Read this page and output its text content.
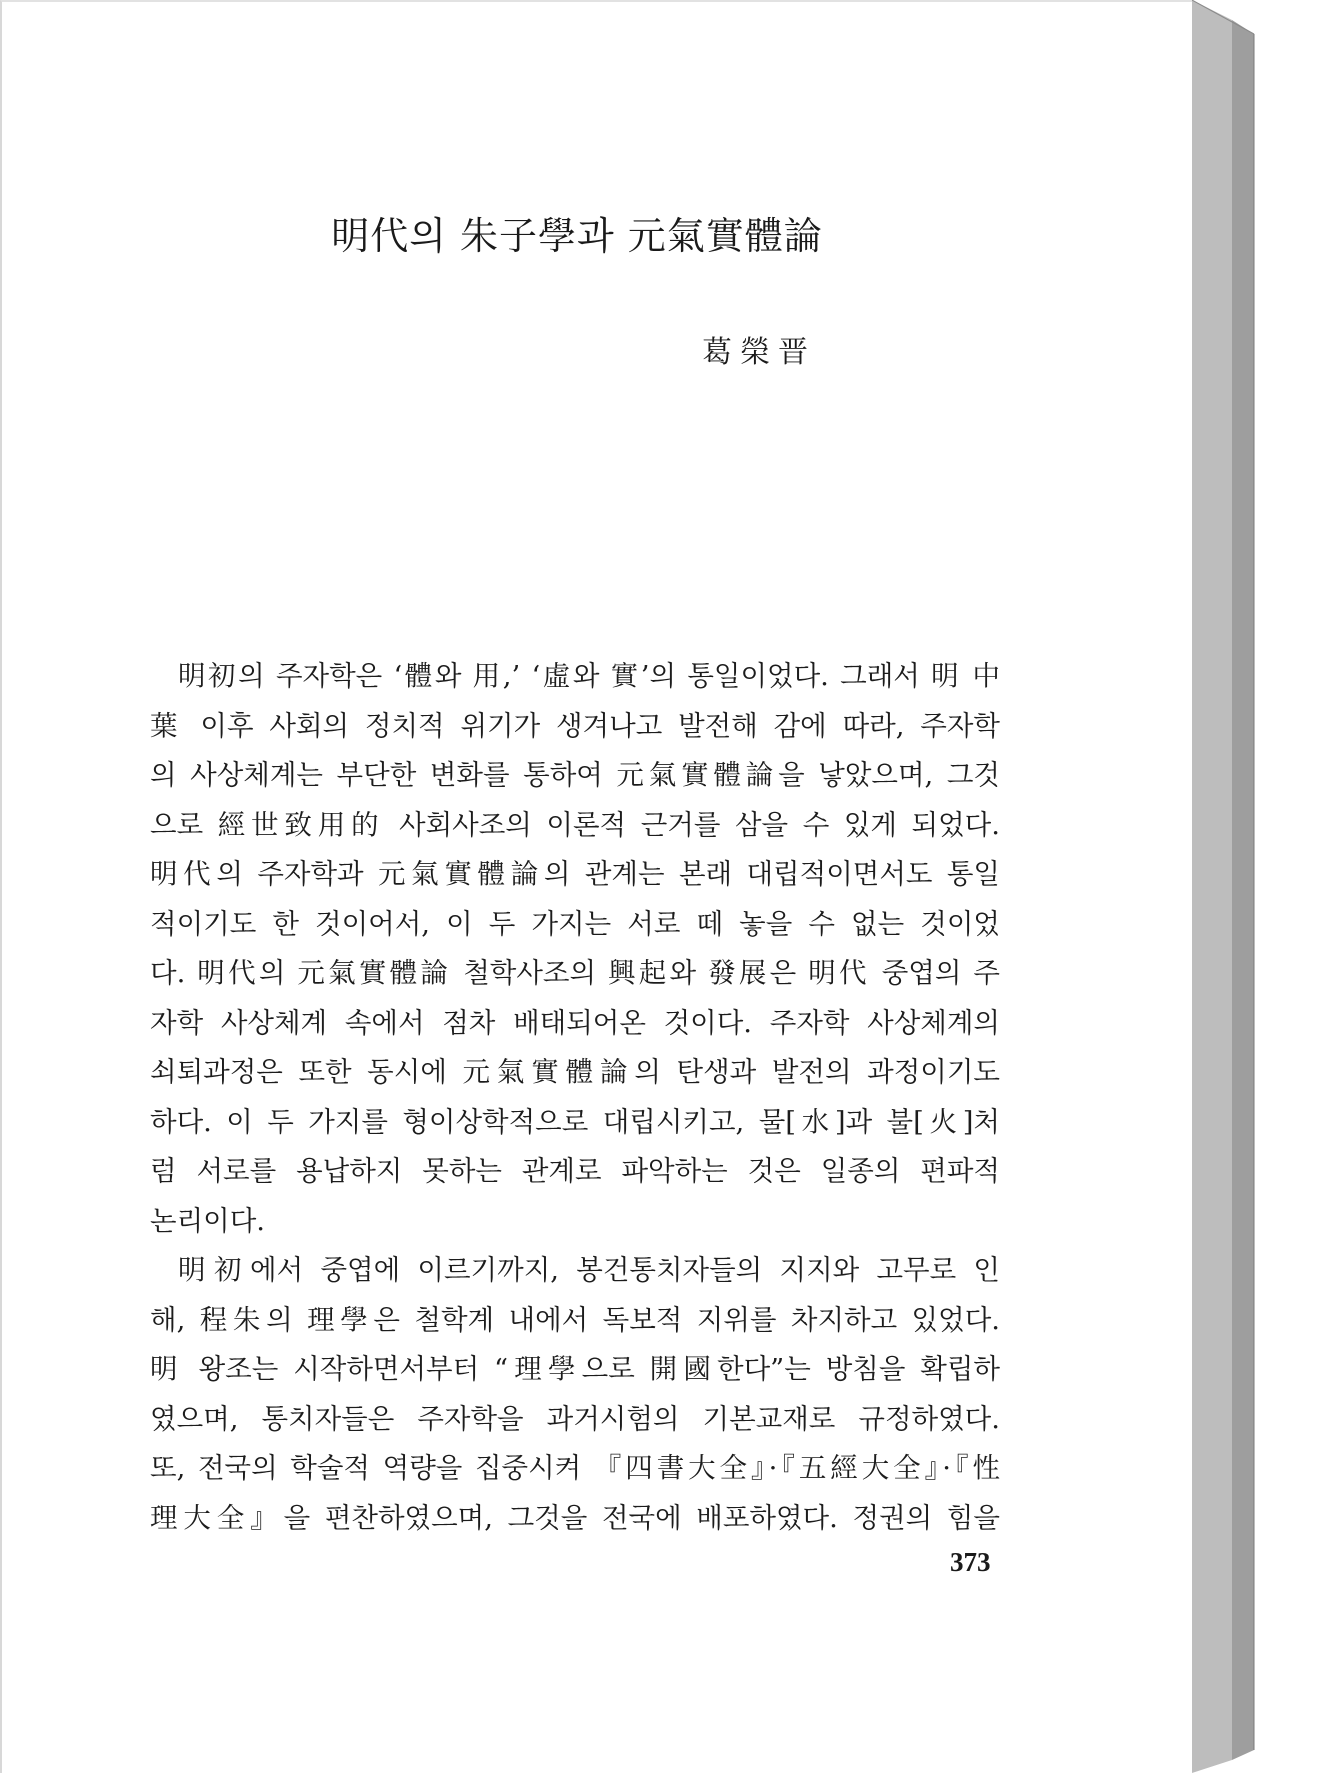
明代의 朱子學과 元氣實體論
葛榮晋
明初의 주자학은 ‘體와 用,’ ‘虛와 實’의 통일이었다. 그래서 明 中
葉 이후 사회의 정치적 위기가 생겨나고 발전해 감에 따라, 주자학
의 사상체계는 부단한 변화를 통하여 元氣實體論을 낳았으며, 그것
으로 經世致用的 사회사조의 이론적 근거를 삼을 수 있게 되었다.
明代의 주자학과 元氣實體論의 관계는 본래 대립적이면서도 통일
적이기도 한 것이어서, 이 두 가지는 서로 떼 놓을 수 없는 것이었
다. 明代의 元氣實體論 철학사조의 興起와 發展은 明代 중엽의 주
자학 사상체계 속에서 점차 배태되어온 것이다. 주자학 사상체계의
쇠퇴과정은 또한 동시에 元氣實體論의 탄생과 발전의 과정이기도
하다. 이 두 가지를 형이상학적으로 대립시키고, 물[水]과 불[火]처
럼 서로를 용납하지 못하는 관계로 파악하는 것은 일종의 편파적
논리이다.
明初에서 중엽에 이르기까지, 봉건통치자들의 지지와 고무로 인
해, 程朱의 理學은 철학계 내에서 독보적 지위를 차지하고 있었다.
明 왕조는 시작하면서부터 “理學으로 開國한다”는 방침을 확립하
였으며, 통치자들은 주자학을 과거시험의 기본교재로 규정하였다.
또, 전국의 학술적 역량을 집중시켜 『四書大全』·『五經大全』·『性
理大全』을 편찬하였으며, 그것을 전국에 배포하였다. 정권의 힘을
373
